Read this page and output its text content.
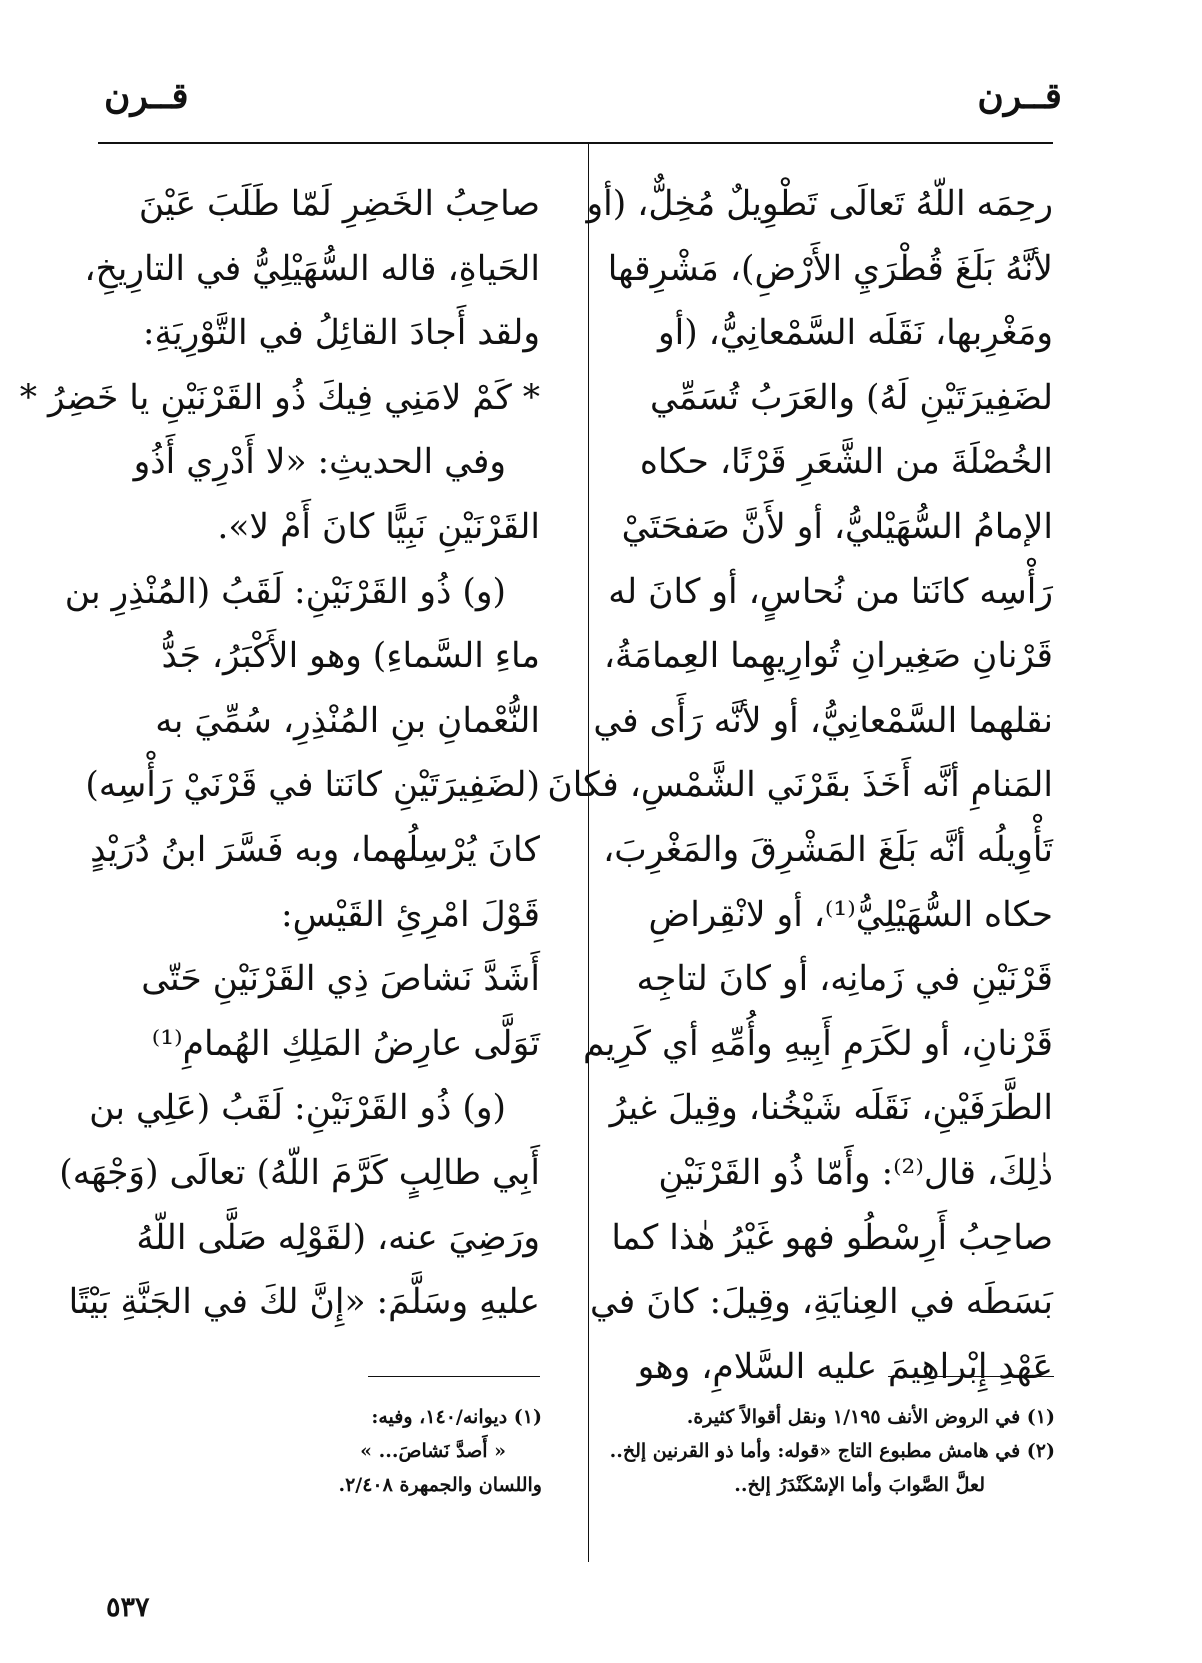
قــرن
قــرن
رحِمَه اللّهُ تَعالَى تَطْوِيلٌ مُخِلٌّ، (أو
لأنَّهُ بَلَغَ قُطْرَيِ الأَرْضِ)، مَشْرِقها
ومَغْرِبها، نَقَلَه السَّمْعانِيُّ، (أو
لضَفِيرَتَيْنِ لَهُ) والعَرَبُ تُسَمِّي
الخُصْلَةَ من الشَّعَرِ قَرْنًا، حكاه
الإمامُ السُّهَيْليُّ، أو لأَنَّ صَفحَتَيْ
رَأْسِه كانَتا من نُحاسٍ، أو كانَ له
قَرْنانِ صَغِيرانِ تُوارِيهِما العِمامَةُ،
نقلهما السَّمْعانِيُّ، أو لأنَّه رَأَى في
المَنامِ أنَّه أَخَذَ بقَرْنَي الشَّمْسِ، فكانَ
تَأْوِيلُه أنَّه بَلَغَ المَشْرِقَ والمَغْرِبَ،
حكاه السُّهَيْلِيُّ⁽¹⁾، أو لانْقِراضِ
قَرْنَيْنِ في زَمانِه، أو كانَ لتاجِه
قَرْنانِ، أو لكَرَمِ أَبِيهِ وأُمِّهِ أي كَرِيم
الطَّرَفَيْنِ، نَقَلَه شَيْخُنا، وقِيلَ غيرُ
ذٰلِكَ، قال⁽²⁾: وأَمّا ذُو القَرْنَيْنِ
صاحِبُ أَرِسْطُو فهو غَيْرُ هٰذا كما
بَسَطَه في العِنايَةِ، وقِيلَ: كانَ في
عَهْدِ إِبْراهِيمَ عليه السَّلامِ، وهو
صاحِبُ الخَضِرِ لَمّا طَلَبَ عَيْنَ
الحَياةِ، قاله السُّهَيْلِيُّ في التارِيخِ،
ولقد أَجادَ القائِلُ في التَّوْرِيَةِ:
* كَمْ لامَنِي فِيكَ ذُو القَرْنَيْنِ يا خَضِرُ *
وفي الحديثِ: «لا أَدْرِي أَذُو
القَرْنَيْنِ نَبِيًّا كانَ أَمْ لا».
(و) ذُو القَرْنَيْنِ: لَقَبُ (المُنْذِرِ بن
ماءِ السَّماءِ) وهو الأَكْبَرُ، جَدُّ
النُّعْمانِ بنِ المُنْذِرِ، سُمِّيَ به
(لضَفِيرَتَيْنِ كانَتا في قَرْنَيْ رَأْسِه)
كانَ يُرْسِلُهما، وبه فَسَّرَ ابنُ دُرَيْدٍ
قَوْلَ امْرِئِ القَيْسِ:
أَشَدَّ نَشاصَ ذِي القَرْنَيْنِ حَتّى
تَوَلَّى عارِضُ المَلِكِ الهُمامِ⁽¹⁾
(و) ذُو القَرْنَيْنِ: لَقَبُ (عَلِي بن
أَبِي طالِبٍ كَرَّمَ اللّهُ) تعالَى (وَجْهَه)
ورَضِيَ عنه، (لقَوْلِه صَلَّى اللّهُ
عليهِ وسَلَّمَ: «إِنَّ لكَ في الجَنَّةِ بَيْتًا
(١) في الروض الأنف ١/١٩٥ ونقل أقوالاً كثيرة.
(٢) في هامش مطبوع التاج «قوله: وأما ذو القرنين إلخ..
لعلَّ الصَّوابَ وأما الإسْكَنْدَرُ إلخ..
(١) ديوانه/١٤٠، وفيه:
« أَصدَّ نَشاصَ... »
واللسان والجمهرة ٢/٤٠٨.
٥٣٧
